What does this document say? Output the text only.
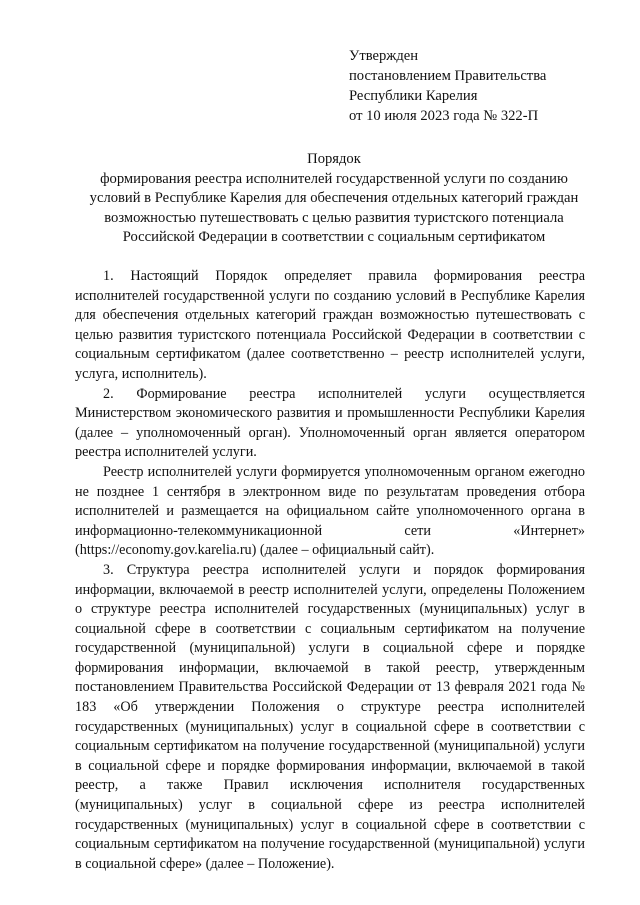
Утвержден
постановлением Правительства
Республики Карелия
от 10 июля 2023 года № 322-П
Порядок
формирования реестра исполнителей государственной услуги по созданию
условий в Республике Карелия для обеспечения отдельных категорий граждан
возможностью путешествовать с целью развития туристского потенциала
Российской Федерации в соответствии с социальным сертификатом

1. Настоящий Порядок определяет правила формирования реестра исполнителей государственной услуги по созданию условий в Республике Карелия для обеспечения отдельных категорий граждан возможностью путешествовать с целью развития туристского потенциала Российской Федерации в соответствии с социальным сертификатом (далее соответственно – реестр исполнителей услуги, услуга, исполнитель).

2. Формирование реестра исполнителей услуги осуществляется Министерством экономического развития и промышленности Республики Карелия (далее – уполномоченный орган). Уполномоченный орган является оператором реестра исполнителей услуги.

Реестр исполнителей услуги формируется уполномоченным органом ежегодно не позднее 1 сентября в электронном виде по результатам проведения отбора исполнителей и размещается на официальном сайте уполномоченного органа в информационно-телекоммуникационной сети «Интернет» (https://economy.gov.karelia.ru) (далее – официальный сайт).

3. Структура реестра исполнителей услуги и порядок формирования информации, включаемой в реестр исполнителей услуги, определены Положением о структуре реестра исполнителей государственных (муниципальных) услуг в социальной сфере в соответствии с социальным сертификатом на получение государственной (муниципальной) услуги в социальной сфере и порядке формирования информации, включаемой в такой реестр, утвержденным постановлением Правительства Российской Федерации от 13 февраля 2021 года № 183 «Об утверждении Положения о структуре реестра исполнителей государственных (муниципальных) услуг в социальной сфере в соответствии с социальным сертификатом на получение государственной (муниципальной) услуги в социальной сфере и порядке формирования информации, включаемой в такой реестр, а также Правил исключения исполнителя государственных (муниципальных) услуг в социальной сфере из реестра исполнителей государственных (муниципальных) услуг в социальной сфере в соответствии с социальным сертификатом на получение государственной (муниципальной) услуги в социальной сфере» (далее – Положение).
